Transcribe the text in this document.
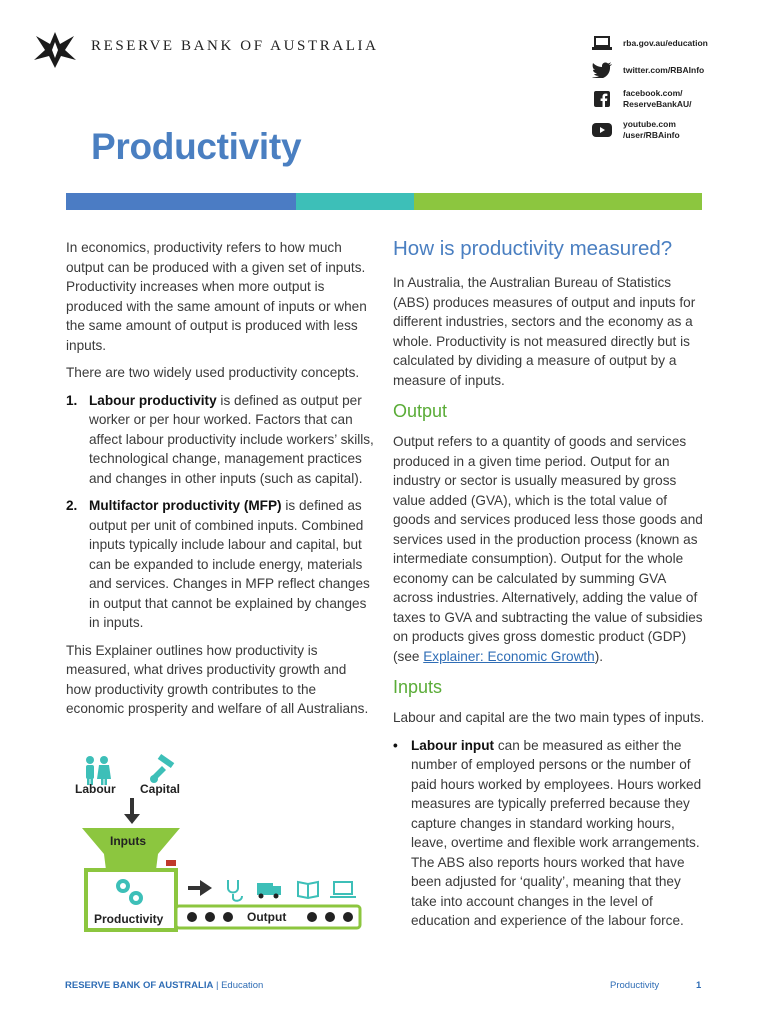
RESERVE BANK OF AUSTRALIA	rba.gov.au/education
twitter.com/RBAInfo
facebook.com/
ReserveBankAU/
youtube.com
/user/RBAinfo
Productivity

In economics, productivity refers to how much output can be produced with a given set of inputs. Productivity increases when more output is produced with the same amount of inputs or when the same amount of output is produced with less inputs.

There are two widely used productivity concepts.

1. Labour productivity is defined as output per worker or per hour worked. Factors that can affect labour productivity include workers’ skills, technological change, management practices and changes in other inputs (such as capital).
2. Multifactor productivity (MFP) is defined as output per unit of combined inputs. Combined inputs typically include labour and capital, but can be expanded to include energy, materials and services. Changes in MFP reflect changes in output that cannot be explained by changes in inputs.

This Explainer outlines how productivity is measured, what drives productivity growth and how productivity growth contributes to the economic prosperity and welfare of all Australians.

Labour Capital
Inputs
Productivity	Output
How is productivity measured?

In Australia, the Australian Bureau of Statistics (ABS) produces measures of output and inputs for different industries, sectors and the economy as a whole. Productivity is not measured directly but is calculated by dividing a measure of output by a measure of inputs.

Output

Output refers to a quantity of goods and services produced in a given time period. Output for an industry or sector is usually measured by gross value added (GVA), which is the total value of goods and services produced less those goods and services used in the production process (known as intermediate consumption). Output for the whole economy can be calculated by summing GVA across industries. Alternatively, adding the value of taxes to GVA and subtracting the value of subsidies on products gives gross domestic product (GDP) (see Explainer: Economic Growth).

Inputs

Labour and capital are the two main types of inputs.

• Labour input can be measured as either the number of employed persons or the number of paid hours worked by employees. Hours worked measures are typically preferred because they capture changes in standard working hours, leave, overtime and flexible work arrangements. The ABS also reports hours worked that have been adjusted for ‘quality’, meaning that they take into account changes in the level of education and experience of the labour force.
RESERVE BANK OF AUSTRALIA | Education	Productivity	1
